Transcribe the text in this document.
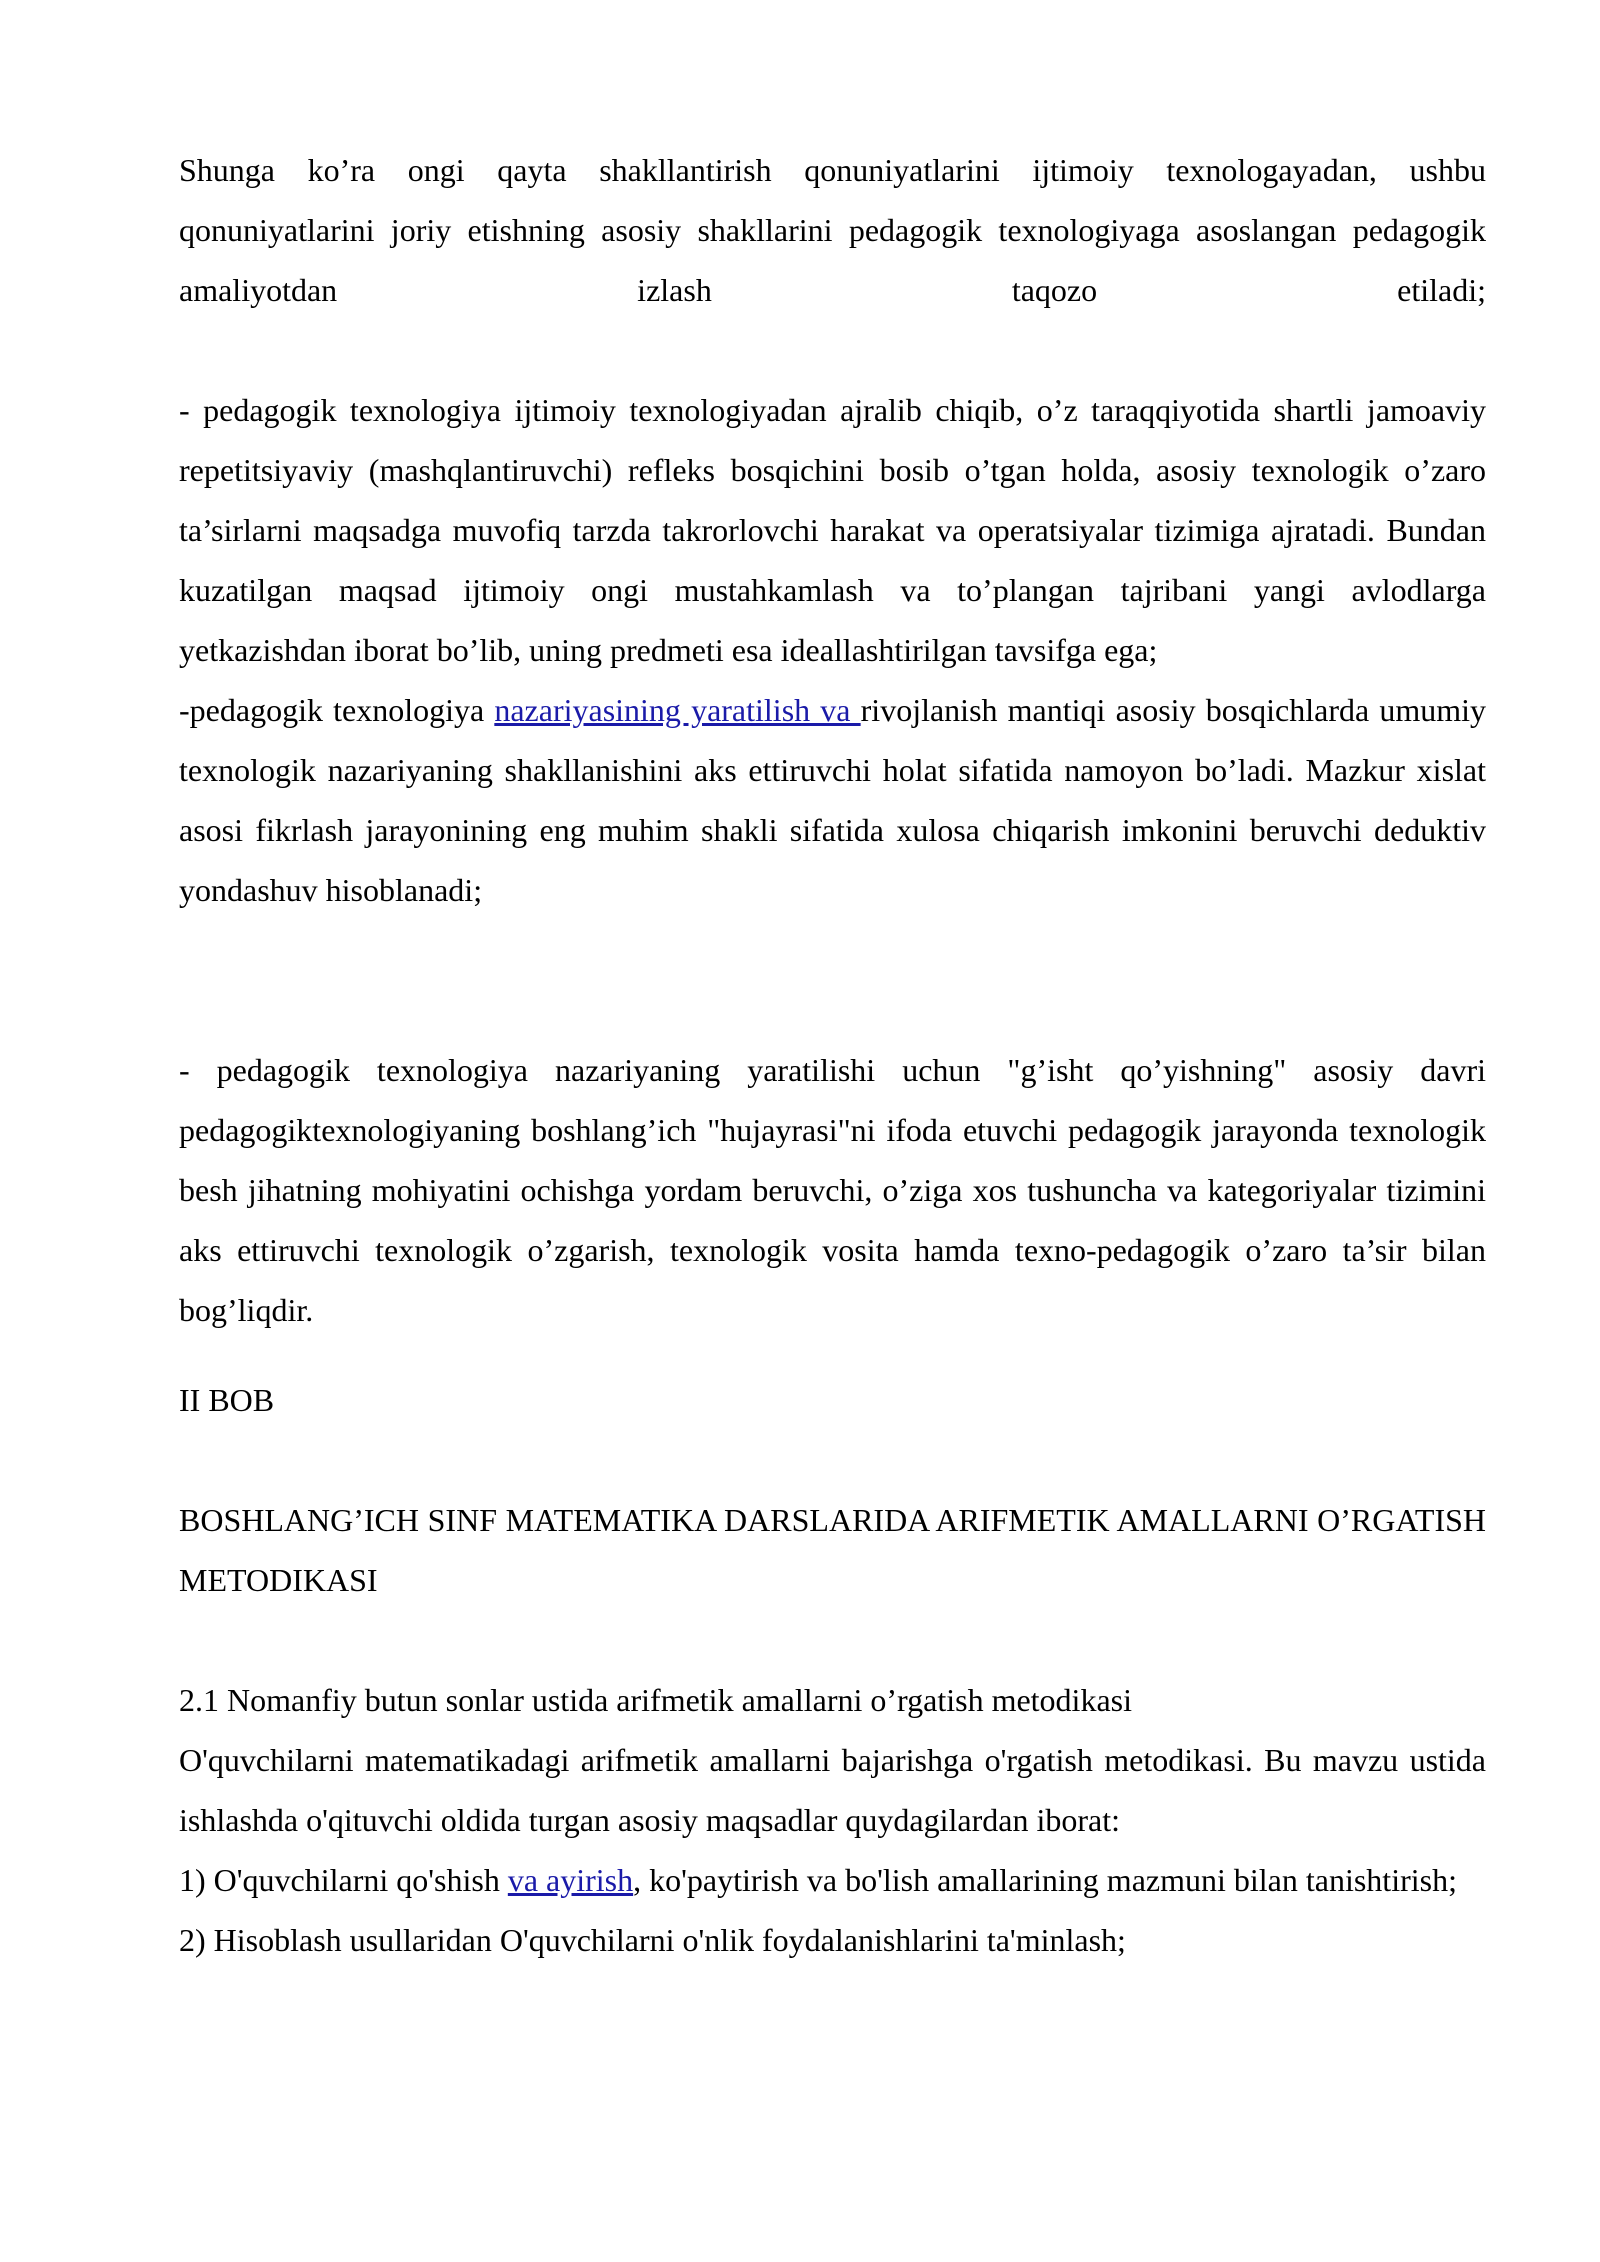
Shunga ko’ra ongi qayta shakllantirish qonuniyatlarini ijtimoiy texnologayadan, ushbu qonuniyatlarini joriy etishning asosiy shakllarini pedagogik texnologiyaga asoslangan pedagogik amaliyotdan izlash taqozo etiladi;

- pedagogik texnologiya ijtimoiy texnologiyadan ajralib chiqib, o’z taraqqiyotida shartli jamoaviy repetitsiyaviy (mashqlantiruvchi) refleks bosqichini bosib o’tgan holda, asosiy texnologik o’zaro ta’sirlarni maqsadga muvofiq tarzda takrorlovchi harakat va operatsiyalar tizimiga ajratadi. Bundan kuzatilgan maqsad ijtimoiy ongi mustahkamlash va to’plangan tajribani yangi avlodlarga yetkazishdan iborat bo’lib, uning predmeti esa ideallashtirilgan tavsifga ega;

-pedagogik texnologiya nazariyasining yaratilish va rivojlanish mantiqi asosiy bosqichlarda umumiy texnologik nazariyaning shakllanishini aks ettiruvchi holat sifatida namoyon bo’ladi. Mazkur xislat asosi fikrlash jarayonining eng muhim shakli sifatida xulosa chiqarish imkonini beruvchi deduktiv yondashuv hisoblanadi;

- pedagogik texnologiya nazariyaning yaratilishi uchun "g’isht qo’yishning" asosiy davri pedagogiktexnologiyaning boshlang’ich "hujayrasi"ni ifoda etuvchi pedagogik jarayonda texnologik besh jihatning mohiyatini ochishga yordam beruvchi, o’ziga xos tushuncha va kategoriyalar tizimini aks ettiruvchi texnologik o’zgarish, texnologik vosita hamda texno-pedagogik o’zaro ta’sir bilan bog’liqdir.

II BOB

BOSHLANG’ICH SINF MATEMATIKA DARSLARIDA ARIFMETIK AMALLARNI O’RGATISH METODIKASI

2.1 Nomanfiy butun sonlar ustida arifmetik amallarni o’rgatish metodikasi

O'quvchilarni matematikadagi arifmetik amallarni bajarishga o'rgatish metodikasi. Bu mavzu ustida ishlashda o'qituvchi oldida turgan asosiy maqsadlar quydagilardan iborat:

1) O'quvchilarni qo'shish va ayirish, ko'paytirish va bo'lish amallarining mazmuni bilan tanishtirish;

2) Hisoblash usullaridan O'quvchilarni o'nlik foydalanishlarini ta'minlash;
